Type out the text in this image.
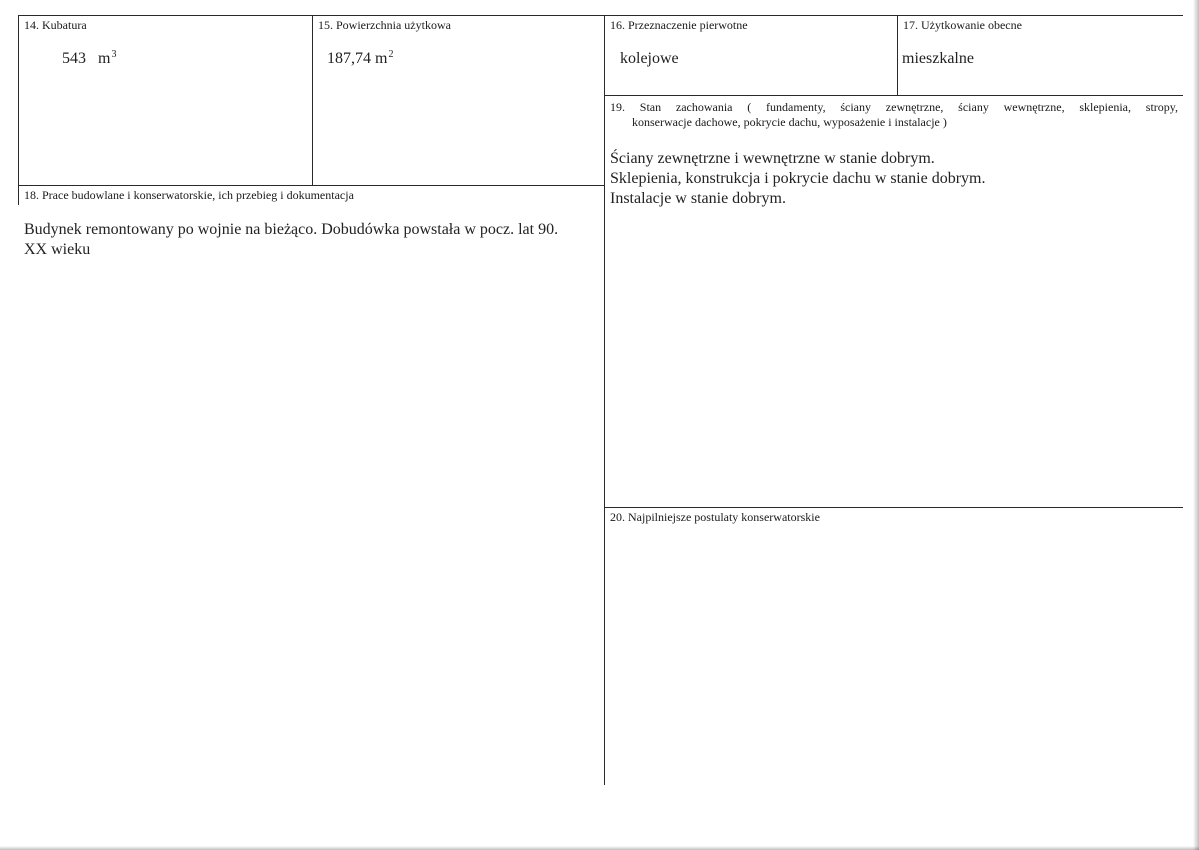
14. Kubatura
543 $m^3$
15. Powierzchnia użytkowa
187,74 $m^2$
16. Przeznaczenie pierwotne
kolejowe
17. Użytkowanie obecne
mieszkalne
19. Stan zachowania ( fundamenty, ściany zewnętrzne, ściany wewnętrzne, sklepienia, stropy,
konserwacje dachowe, pokrycie dachu, wyposażenie i instalacje )
Ściany zewnętrzne i wewnętrzne w stanie dobrym.
Sklepienia, konstrukcja i pokrycie dachu w stanie dobrym.
Instalacje w stanie dobrym.
18. Prace budowlane i konserwatorskie, ich przebieg i dokumentacja
Budynek remontowany po wojnie na bieżąco. Dobudówka powstała w pocz. lat 90.
XX wieku
20. Najpilniejsze postulaty konserwatorskie
